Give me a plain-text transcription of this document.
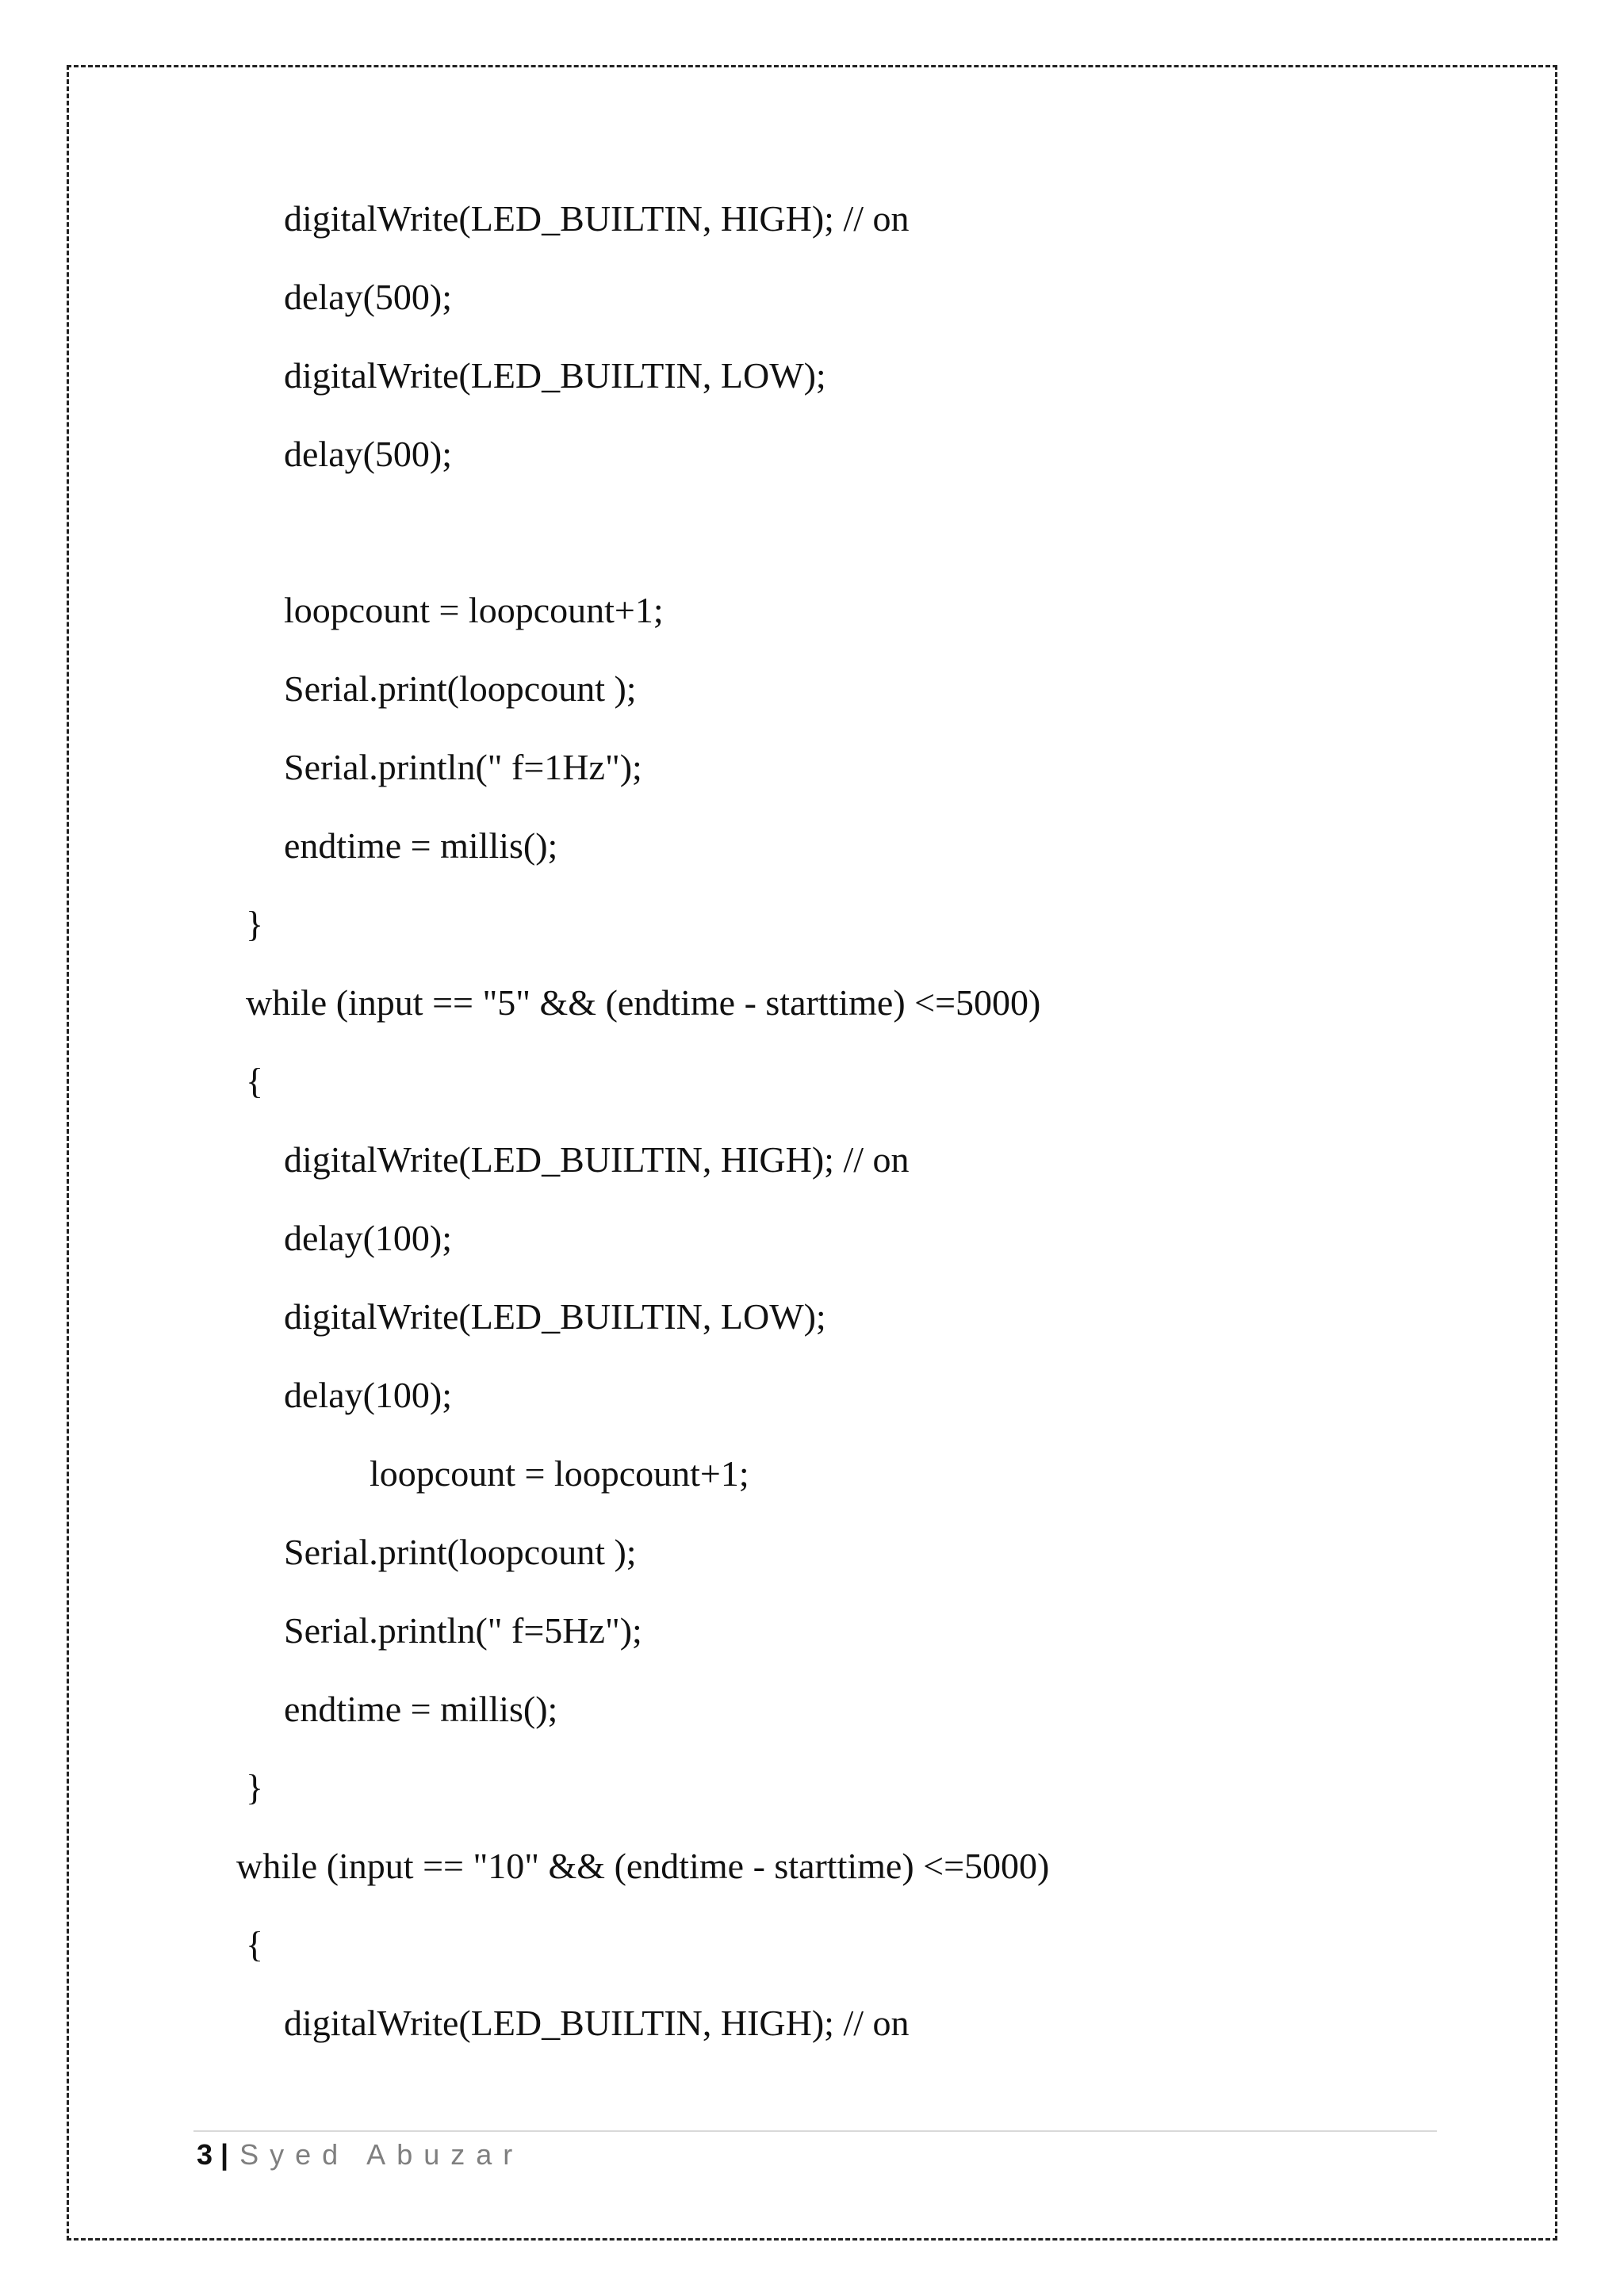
digitalWrite(LED_BUILTIN, HIGH); // on
delay(500);
digitalWrite(LED_BUILTIN, LOW);
delay(500);
loopcount = loopcount+1;
Serial.print(loopcount );
Serial.println(" f=1Hz");
endtime = millis();
}
while (input == "5" && (endtime - starttime) <=5000)
{
digitalWrite(LED_BUILTIN, HIGH); // on
delay(100);
digitalWrite(LED_BUILTIN, LOW);
delay(100);
loopcount = loopcount+1;
Serial.print(loopcount );
Serial.println(" f=5Hz");
endtime = millis();
}
while (input == "10" && (endtime - starttime) <=5000)
{
digitalWrite(LED_BUILTIN, HIGH); // on
3 | Syed Abuzar
